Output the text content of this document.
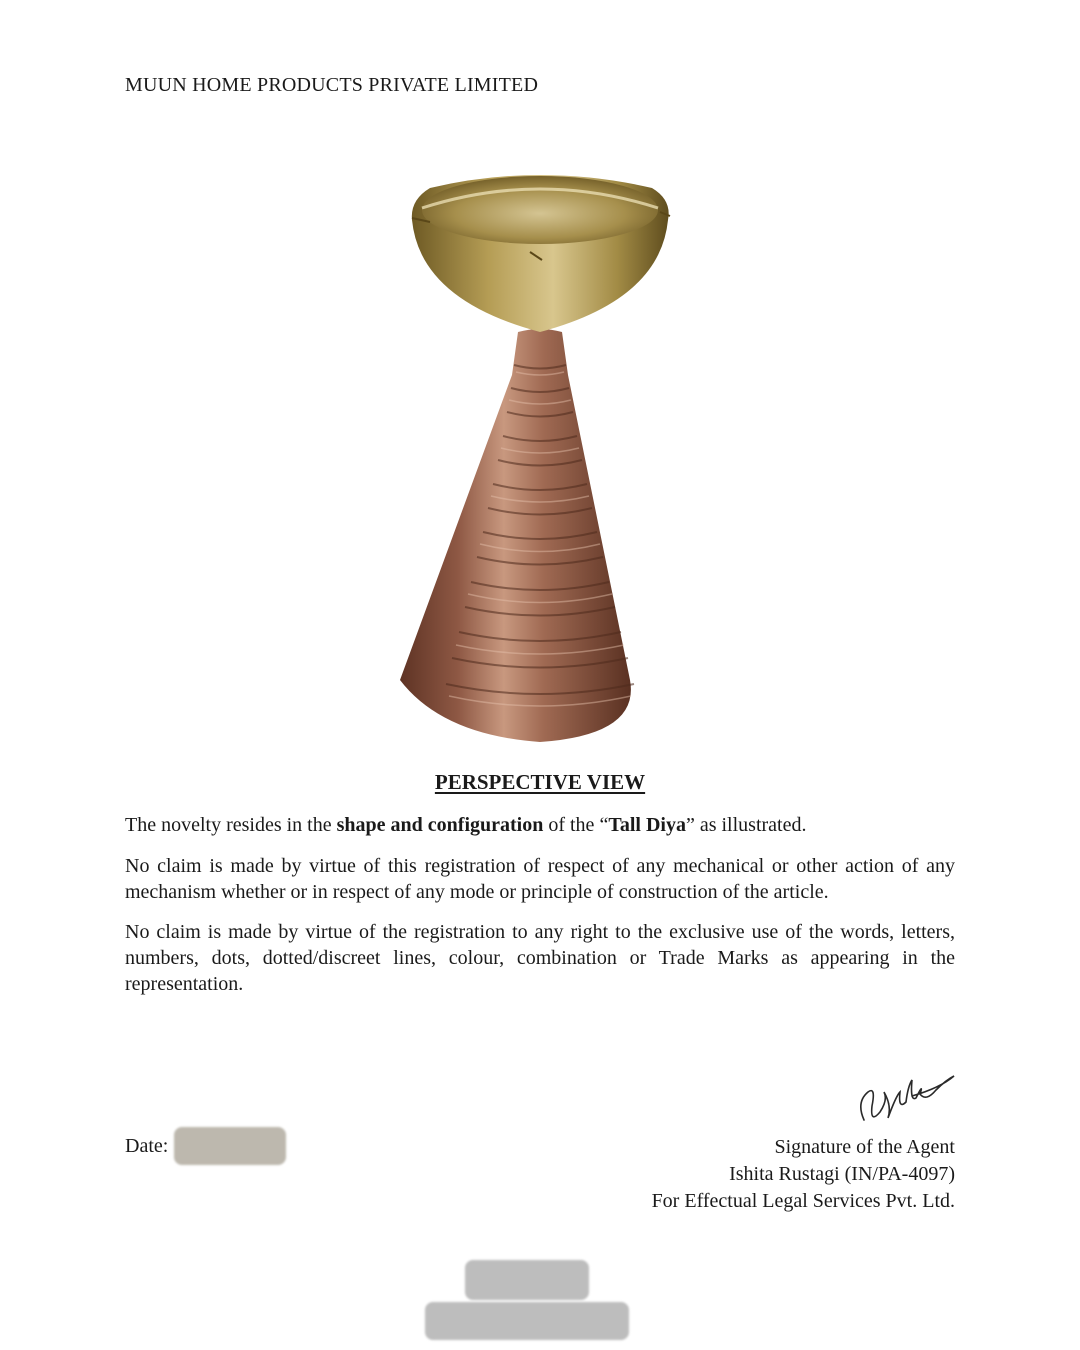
MUUN HOME PRODUCTS PRIVATE LIMITED
PERSPECTIVE VIEW

The novelty resides in the shape and configuration of the “Tall Diya” as illustrated.

No claim is made by virtue of this registration of respect of any mechanical or other action of any mechanism whether or in respect of any mode or principle of construction of the article.

No claim is made by virtue of the registration to any right to the exclusive use of the words, letters, numbers, dots, dotted/discreet lines, colour, combination or Trade Marks as appearing in the representation.

Date:	Signature of the Agent
Ishita Rustagi (IN/PA-4097)
For Effectual Legal Services Pvt. Ltd.
